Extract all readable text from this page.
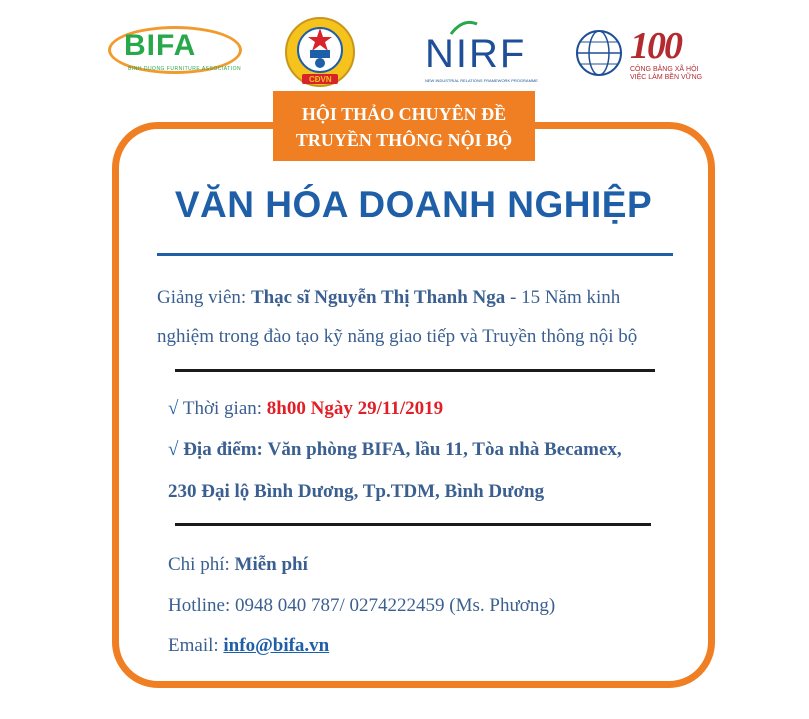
BIFA
BINH DUONG FURNITURE ASSOCIATION
CĐVN
NIRF
NEW INDUSTRIAL RELATIONS FRAMEWORK PROGRAMME
100
CÔNG BẰNG XÃ HỘI
VIỆC LÀM BỀN VỮNG
HỘI THẢO CHUYÊN ĐỀ
TRUYỀN THÔNG NỘI BỘ
VĂN HÓA DOANH NGHIỆP
Giảng viên: Thạc sĩ Nguyễn Thị Thanh Nga - 15 Năm kinh
nghiệm trong đào tạo kỹ năng giao tiếp và Truyền thông nội bộ
√ Thời gian: 8h00 Ngày 29/11/2019
√ Địa điểm: Văn phòng BIFA, lầu 11, Tòa nhà Becamex,
230 Đại lộ Bình Dương, Tp.TDM, Bình Dương
Chi phí: Miễn phí
Hotline: 0948 040 787/ 0274222459 (Ms. Phương)
Email: info@bifa.vn
